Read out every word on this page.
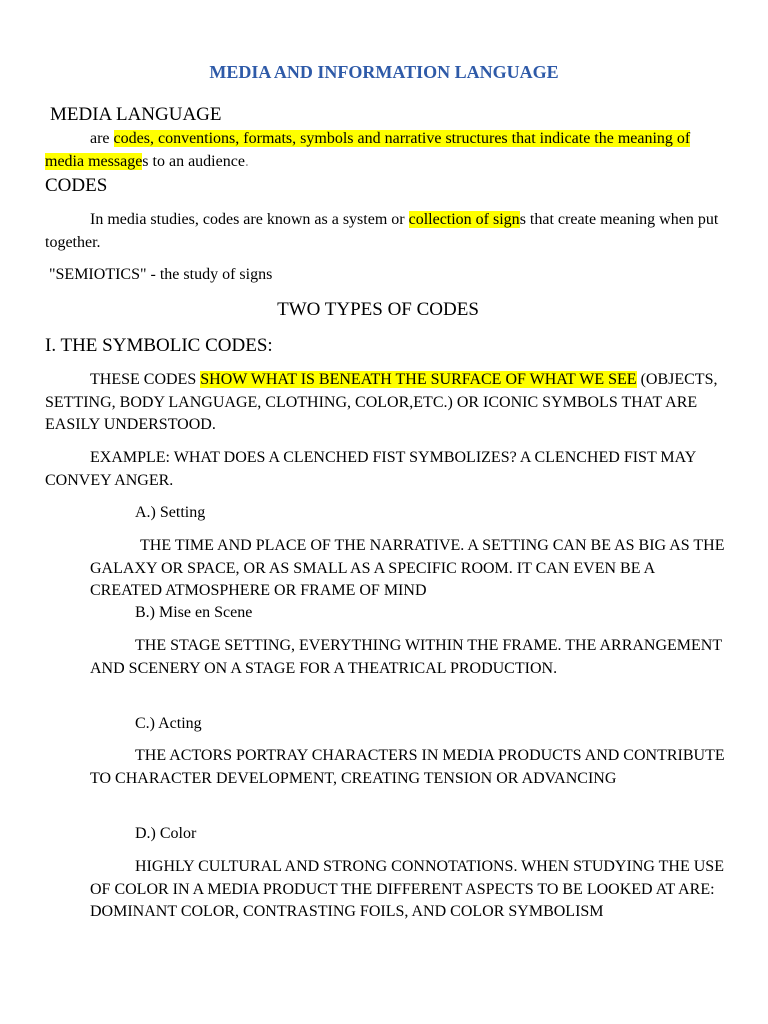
MEDIA AND INFORMATION LANGUAGE
MEDIA LANGUAGE
are codes, conventions, formats, symbols and narrative structures that indicate the meaning of media messages to an audience.
CODES
In media studies, codes are known as a system or collection of signs that create meaning when put together.
"SEMIOTICS" - the study of signs
TWO TYPES OF CODES
I. THE SYMBOLIC CODES:
THESE CODES SHOW WHAT IS BENEATH THE SURFACE OF WHAT WE SEE (OBJECTS, SETTING, BODY LANGUAGE, CLOTHING, COLOR,ETC.) OR ICONIC SYMBOLS THAT ARE EASILY UNDERSTOOD.
EXAMPLE: WHAT DOES A CLENCHED FIST SYMBOLIZES? A CLENCHED FIST MAY CONVEY ANGER.
A.) Setting
THE TIME AND PLACE OF THE NARRATIVE. A SETTING CAN BE AS BIG AS THE GALAXY OR SPACE, OR AS SMALL AS A SPECIFIC ROOM. IT CAN EVEN BE A CREATED ATMOSPHERE OR FRAME OF MIND
B.) Mise en Scene
THE STAGE SETTING, EVERYTHING WITHIN THE FRAME. THE ARRANGEMENT AND SCENERY ON A STAGE FOR A THEATRICAL PRODUCTION.
C.) Acting
THE ACTORS PORTRAY CHARACTERS IN MEDIA PRODUCTS AND CONTRIBUTE TO CHARACTER DEVELOPMENT, CREATING TENSION OR ADVANCING
D.) Color
HIGHLY CULTURAL AND STRONG CONNOTATIONS. WHEN STUDYING THE USE OF COLOR IN A MEDIA PRODUCT THE DIFFERENT ASPECTS TO BE LOOKED AT ARE: DOMINANT COLOR, CONTRASTING FOILS, AND COLOR SYMBOLISM
